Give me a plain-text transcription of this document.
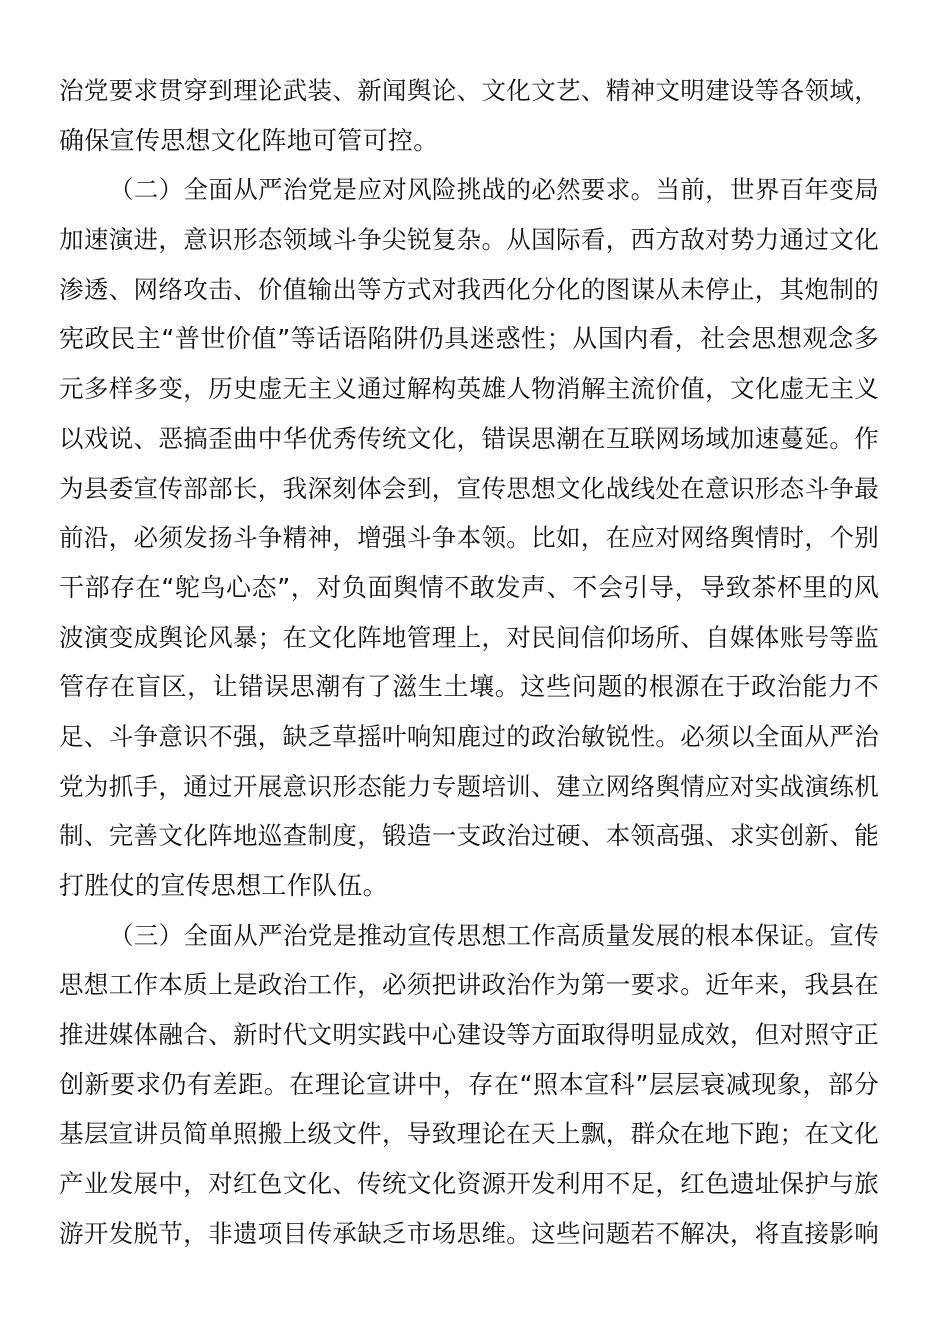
治党要求贯穿到理论武装、新闻舆论、文化文艺、精神文明建设等各领域，
确保宣传思想文化阵地可管可控。
（二）全面从严治党是应对风险挑战的必然要求。当前，世界百年变局
加速演进，意识形态领域斗争尖锐复杂。从国际看，西方敌对势力通过文化
渗透、网络攻击、价值输出等方式对我西化分化的图谋从未停止，其炮制的
宪政民主“普世价值”等话语陷阱仍具迷惑性；从国内看，社会思想观念多
元多样多变，历史虚无主义通过解构英雄人物消解主流价值，文化虚无主义
以戏说、恶搞歪曲中华优秀传统文化，错误思潮在互联网场域加速蔓延。作
为县委宣传部部长，我深刻体会到，宣传思想文化战线处在意识形态斗争最
前沿，必须发扬斗争精神，增强斗争本领。比如，在应对网络舆情时，个别
干部存在“鸵鸟心态”，对负面舆情不敢发声、不会引导，导致茶杯里的风
波演变成舆论风暴；在文化阵地管理上，对民间信仰场所、自媒体账号等监
管存在盲区，让错误思潮有了滋生土壤。这些问题的根源在于政治能力不
足、斗争意识不强，缺乏草摇叶响知鹿过的政治敏锐性。必须以全面从严治
党为抓手，通过开展意识形态能力专题培训、建立网络舆情应对实战演练机
制、完善文化阵地巡查制度，锻造一支政治过硬、本领高强、求实创新、能
打胜仗的宣传思想工作队伍。
（三）全面从严治党是推动宣传思想工作高质量发展的根本保证。宣传
思想工作本质上是政治工作，必须把讲政治作为第一要求。近年来，我县在
推进媒体融合、新时代文明实践中心建设等方面取得明显成效，但对照守正
创新要求仍有差距。在理论宣讲中，存在“照本宣科”层层衰减现象，部分
基层宣讲员简单照搬上级文件，导致理论在天上飘，群众在地下跑；在文化
产业发展中，对红色文化、传统文化资源开发利用不足，红色遗址保护与旅
游开发脱节，非遗项目传承缺乏市场思维。这些问题若不解决，将直接影响
